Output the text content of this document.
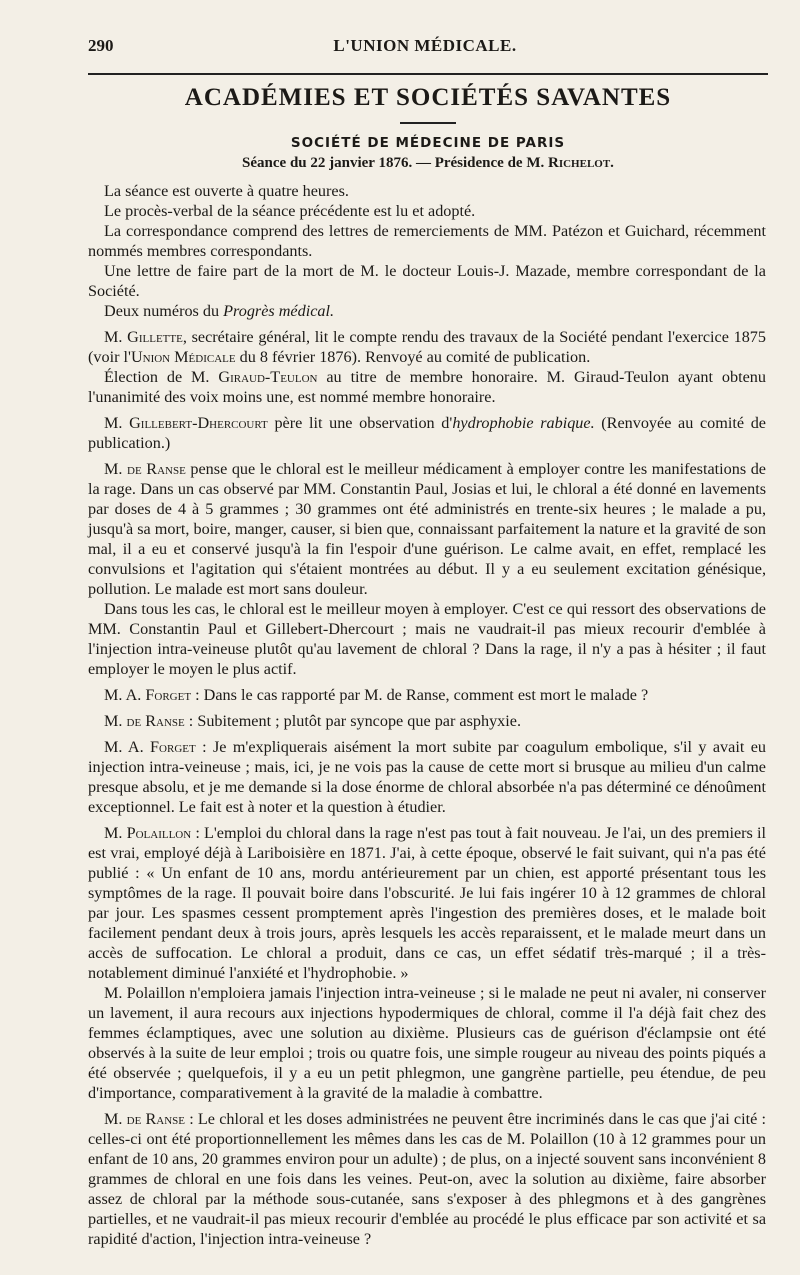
290	L'UNION MÉDICALE.
ACADÉMIES ET SOCIÉTÉS SAVANTES
SOCIÉTÉ DE MÉDECINE DE PARIS
Séance du 22 janvier 1876. — Présidence de M. Richelot.

La séance est ouverte à quatre heures.

Le procès-verbal de la séance précédente est lu et adopté.

La correspondance comprend des lettres de remerciements de MM. Patézon et Guichard, récemment nommés membres correspondants.

Une lettre de faire part de la mort de M. le docteur Louis-J. Mazade, membre correspondant de la Société.

Deux numéros du Progrès médical.

M. Gillette, secrétaire général, lit le compte rendu des travaux de la Société pendant l'exercice 1875 (voir l'Union Médicale du 8 février 1876). Renvoyé au comité de publication.

Élection de M. Giraud-Teulon au titre de membre honoraire. M. Giraud-Teulon ayant obtenu l'unanimité des voix moins une, est nommé membre honoraire.

M. Gillebert-Dhercourt père lit une observation d'hydrophobie rabique. (Renvoyée au comité de publication.)

M. de Ranse pense que le chloral est le meilleur médicament à employer contre les manifestations de la rage. Dans un cas observé par MM. Constantin Paul, Josias et lui, le chloral a été donné en lavements par doses de 4 à 5 grammes ; 30 grammes ont été administrés en trente-six heures ; le malade a pu, jusqu'à sa mort, boire, manger, causer, si bien que, connaissant parfaitement la nature et la gravité de son mal, il a eu et conservé jusqu'à la fin l'espoir d'une guérison. Le calme avait, en effet, remplacé les convulsions et l'agitation qui s'étaient montrées au début. Il y a eu seulement excitation génésique, pollution. Le malade est mort sans douleur.

Dans tous les cas, le chloral est le meilleur moyen à employer. C'est ce qui ressort des observations de MM. Constantin Paul et Gillebert-Dhercourt ; mais ne vaudrait-il pas mieux recourir d'emblée à l'injection intra-veineuse plutôt qu'au lavement de chloral ? Dans la rage, il n'y a pas à hésiter ; il faut employer le moyen le plus actif.

M. A. Forget : Dans le cas rapporté par M. de Ranse, comment est mort le malade ?

M. de Ranse : Subitement ; plutôt par syncope que par asphyxie.

M. A. Forget : Je m'expliquerais aisément la mort subite par coagulum embolique, s'il y avait eu injection intra-veineuse ; mais, ici, je ne vois pas la cause de cette mort si brusque au milieu d'un calme presque absolu, et je me demande si la dose énorme de chloral absorbée n'a pas déterminé ce dénoûment exceptionnel. Le fait est à noter et la question à étudier.

M. Polaillon : L'emploi du chloral dans la rage n'est pas tout à fait nouveau. Je l'ai, un des premiers il est vrai, employé déjà à Lariboisière en 1871. J'ai, à cette époque, observé le fait suivant, qui n'a pas été publié : « Un enfant de 10 ans, mordu antérieurement par un chien, est apporté présentant tous les symptômes de la rage. Il pouvait boire dans l'obscurité. Je lui fais ingérer 10 à 12 grammes de chloral par jour. Les spasmes cessent promptement après l'ingestion des premières doses, et le malade boit facilement pendant deux à trois jours, après lesquels les accès reparaissent, et le malade meurt dans un accès de suffocation. Le chloral a produit, dans ce cas, un effet sédatif très-marqué ; il a très-notablement diminué l'anxiété et l'hydrophobie. »

M. Polaillon n'emploiera jamais l'injection intra-veineuse ; si le malade ne peut ni avaler, ni conserver un lavement, il aura recours aux injections hypodermiques de chloral, comme il l'a déjà fait chez des femmes éclamptiques, avec une solution au dixième. Plusieurs cas de guérison d'éclampsie ont été observés à la suite de leur emploi ; trois ou quatre fois, une simple rougeur au niveau des points piqués a été observée ; quelquefois, il y a eu un petit phlegmon, une gangrène partielle, peu étendue, de peu d'importance, comparativement à la gravité de la maladie à combattre.

M. de Ranse : Le chloral et les doses administrées ne peuvent être incriminés dans le cas que j'ai cité : celles-ci ont été proportionnellement les mêmes dans les cas de M. Polaillon (10 à 12 grammes pour un enfant de 10 ans, 20 grammes environ pour un adulte) ; de plus, on a injecté souvent sans inconvénient 8 grammes de chloral en une fois dans les veines. Peut-on, avec la solution au dixième, faire absorber assez de chloral par la méthode sous-cutanée, sans s'exposer à des phlegmons et à des gangrènes partielles, et ne vaudrait-il pas mieux recourir d'emblée au procédé le plus efficace par son activité et sa rapidité d'action, l'injection intra-veineuse ?
